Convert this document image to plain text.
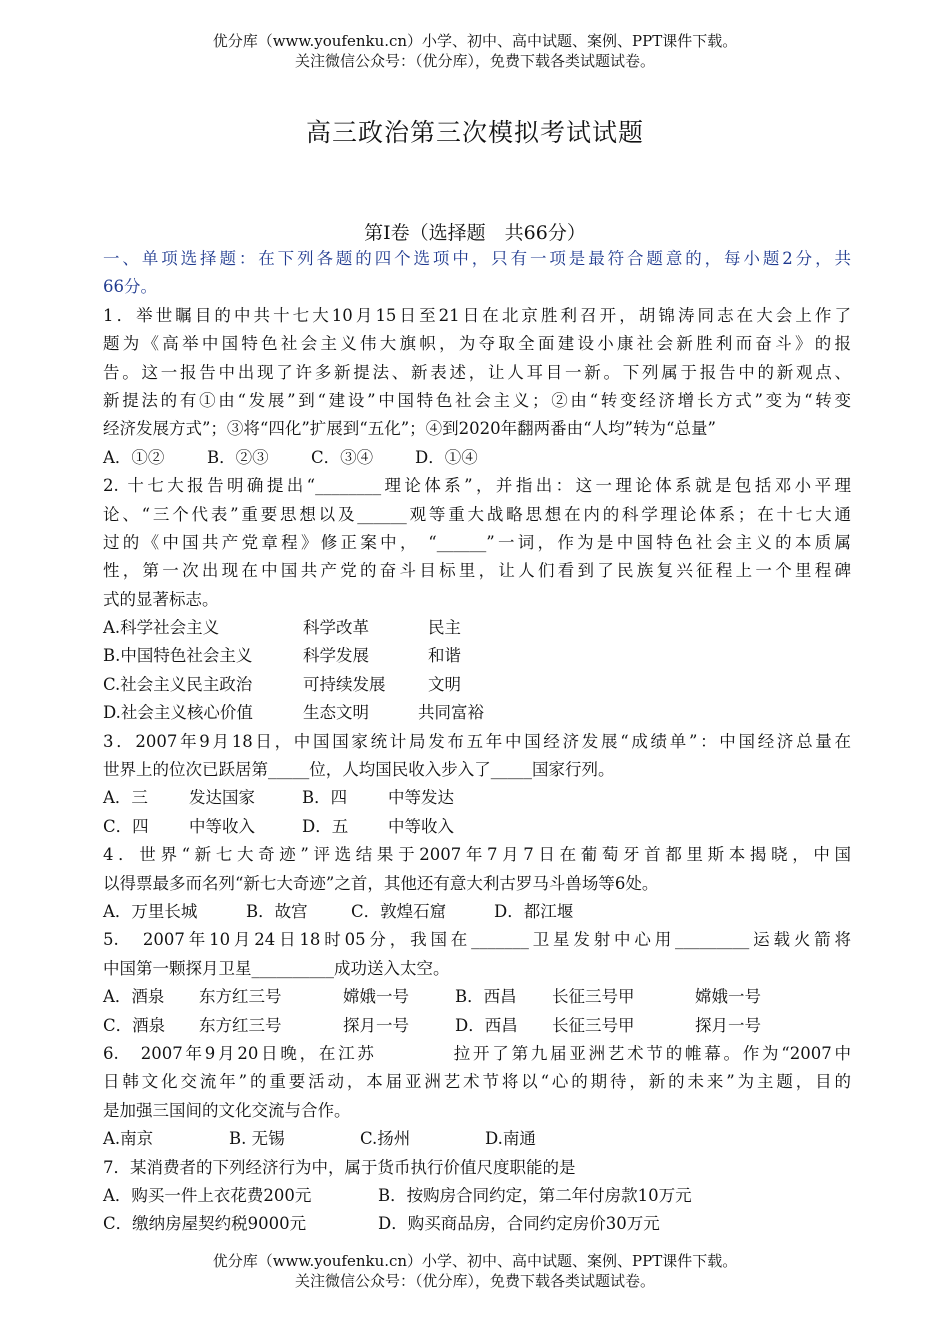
优分库（www.youfenku.cn）小学、初中、高中试题、案例、PPT课件下载。
关注微信公众号：（优分库），免费下载各类试题试卷。
高三政治第三次模拟考试试题
第I卷（选择题　共66分）
一、单项选择题：在下列各题的四个选项中，只有一项是最符合题意的，每小题2分，共
66分。
1．举世瞩目的中共十七大10月15日至21日在北京胜利召开，胡锦涛同志在大会上作了
题为《高举中国特色社会主义伟大旗帜，为夺取全面建设小康社会新胜利而奋斗》的报
告。这一报告中出现了许多新提法、新表述，让人耳目一新。下列属于报告中的新观点、
新提法的有①由“发展”到“建设”中国特色社会主义；②由“转变经济增长方式”变为“转变
经济发展方式”；③将“四化”扩展到“五化”；④到2020年翻两番由“人均”转为“总量”
A．①②	B．②③	C．③④	D．①④
2. 十七大报告明确提出“________理论体系”，并指出：这一理论体系就是包括邓小平理
论、“三个代表”重要思想以及______观等重大战略思想在内的科学理论体系；在十七大通
过的《中国共产党章程》修正案中， “______”一词，作为是中国特色社会主义的本质属
性，第一次出现在中国共产党的奋斗目标里，让人们看到了民族复兴征程上一个里程碑
式的显著标志。
A.科学社会主义	科学改革	民主
B.中国特色社会主义	科学发展	和谐
C.社会主义民主政治	可持续发展	文明
D.社会主义核心价值	生态文明	共同富裕
3．2007年9月18日，中国国家统计局发布五年中国经济发展“成绩单”：中国经济总量在
世界上的位次已跃居第_____位，人均国民收入步入了_____国家行列。
A．三 发达国家	B．四 中等发达
C．四 中等收入	D．五 中等收入
4．世界“新七大奇迹”评选结果于2007年7月7日在葡萄牙首都里斯本揭晓，中国
以得票最多而名列“新七大奇迹”之首，其他还有意大利古罗马斗兽场等6处。
A．万里长城	B．故宫	C．敦煌石窟	D．都江堰
5.　2007年10月24日18时05分，我国在_______卫星发射中心用_________运载火箭将
中国第一颗探月卫星__________成功送入太空。
A．酒泉 东方红三号	嫦娥一号	B．西昌 长征三号甲	嫦娥一号
C．酒泉 东方红三号	探月一号	D．西昌 长征三号甲	探月一号
6.　2007年9月20日晚，在江苏　　　　拉开了第九届亚洲艺术节的帷幕。作为“2007中
日韩文化交流年”的重要活动，本届亚洲艺术节将以“心的期待，新的未来”为主题，目的
是加强三国间的文化交流与合作。
A.南京	B. 无锡	C.扬州	D.南通
7．某消费者的下列经济行为中，属于货币执行价值尺度职能的是
A．购买一件上衣花费200元	B．按购房合同约定，第二年付房款10万元
C．缴纳房屋契约税9000元	D．购买商品房，合同约定房价30万元
优分库（www.youfenku.cn）小学、初中、高中试题、案例、PPT课件下载。
关注微信公众号：（优分库），免费下载各类试题试卷。
